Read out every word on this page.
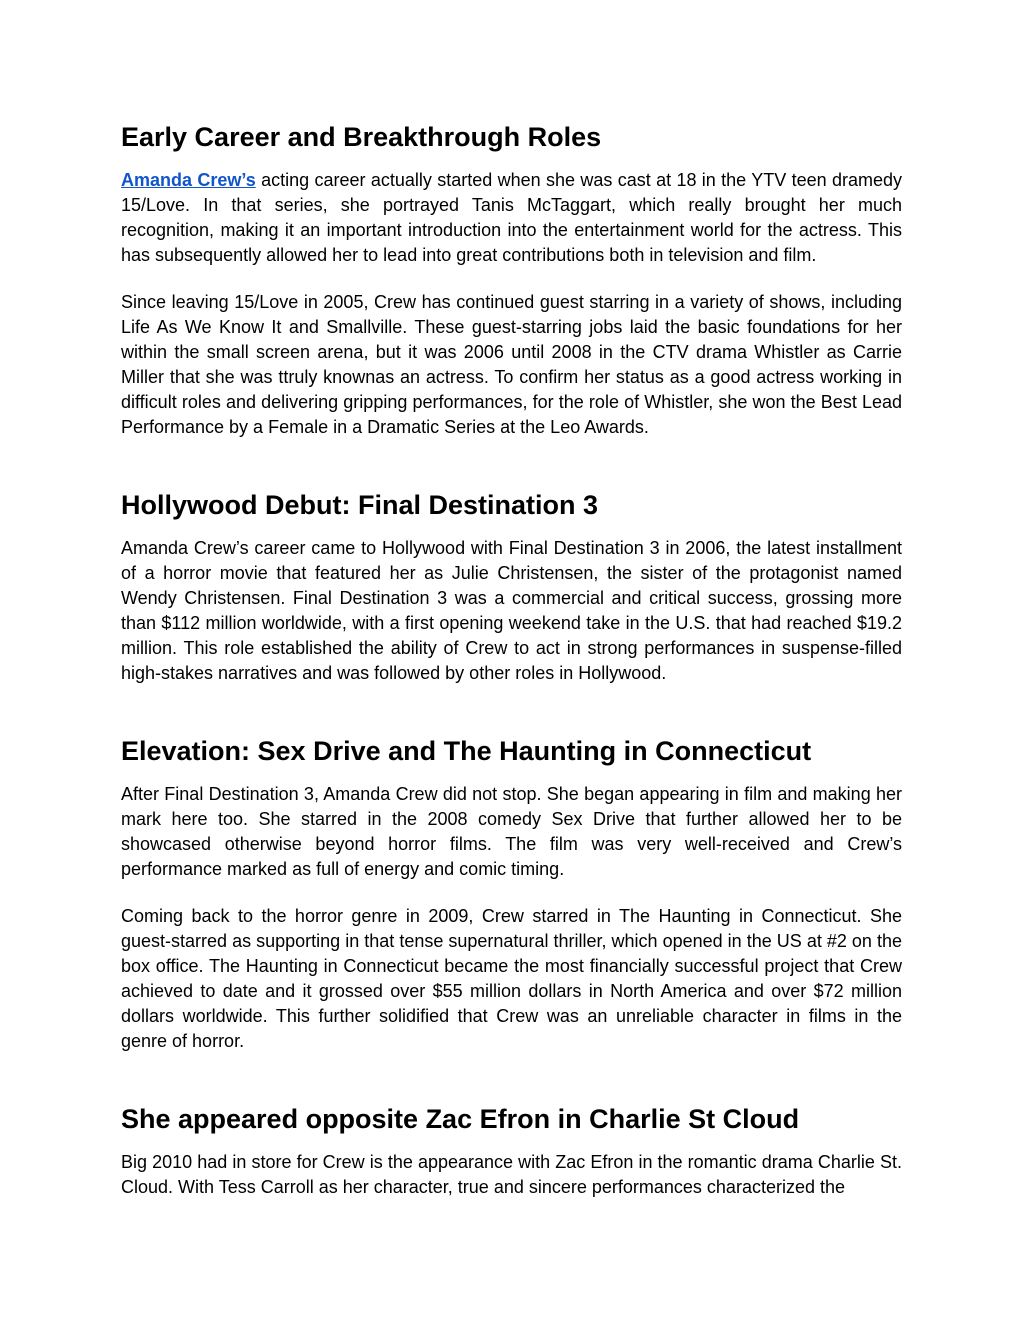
Early Career and Breakthrough Roles

Amanda Crew’s acting career actually started when she was cast at 18 in the YTV teen dramedy 15/Love. In that series, she portrayed Tanis McTaggart, which really brought her much recognition, making it an important introduction into the entertainment world for the actress. This has subsequently allowed her to lead into great contributions both in television and film.

Since leaving 15/Love in 2005, Crew has continued guest starring in a variety of shows, including Life As We Know It and Smallville. These guest-starring jobs laid the basic foundations for her within the small screen arena, but it was 2006 until 2008 in the CTV drama Whistler as Carrie Miller that she was ttruly knownas an actress. To confirm her status as a good actress working in difficult roles and delivering gripping performances, for the role of Whistler, she won the Best Lead Performance by a Female in a Dramatic Series at the Leo Awards.

Hollywood Debut: Final Destination 3

Amanda Crew’s career came to Hollywood with Final Destination 3 in 2006, the latest installment of a horror movie that featured her as Julie Christensen, the sister of the protagonist named Wendy Christensen. Final Destination 3 was a commercial and critical success, grossing more than $112 million worldwide, with a first opening weekend take in the U.S. that had reached $19.2 million. This role established the ability of Crew to act in strong performances in suspense-filled high-stakes narratives and was followed by other roles in Hollywood.

Elevation: Sex Drive and The Haunting in Connecticut

After Final Destination 3, Amanda Crew did not stop. She began appearing in film and making her mark here too. She starred in the 2008 comedy Sex Drive that further allowed her to be showcased otherwise beyond horror films. The film was very well-received and Crew’s performance marked as full of energy and comic timing.

Coming back to the horror genre in 2009, Crew starred in The Haunting in Connecticut. She guest-starred as supporting in that tense supernatural thriller, which opened in the US at #2 on the box office. The Haunting in Connecticut became the most financially successful project that Crew achieved to date and it grossed over $55 million dollars in North America and over $72 million dollars worldwide. This further solidified that Crew was an unreliable character in films in the genre of horror.

She appeared opposite Zac Efron in Charlie St Cloud

Big 2010 had in store for Crew is the appearance with Zac Efron in the romantic drama Charlie St. Cloud. With Tess Carroll as her character, true and sincere performances characterized the
